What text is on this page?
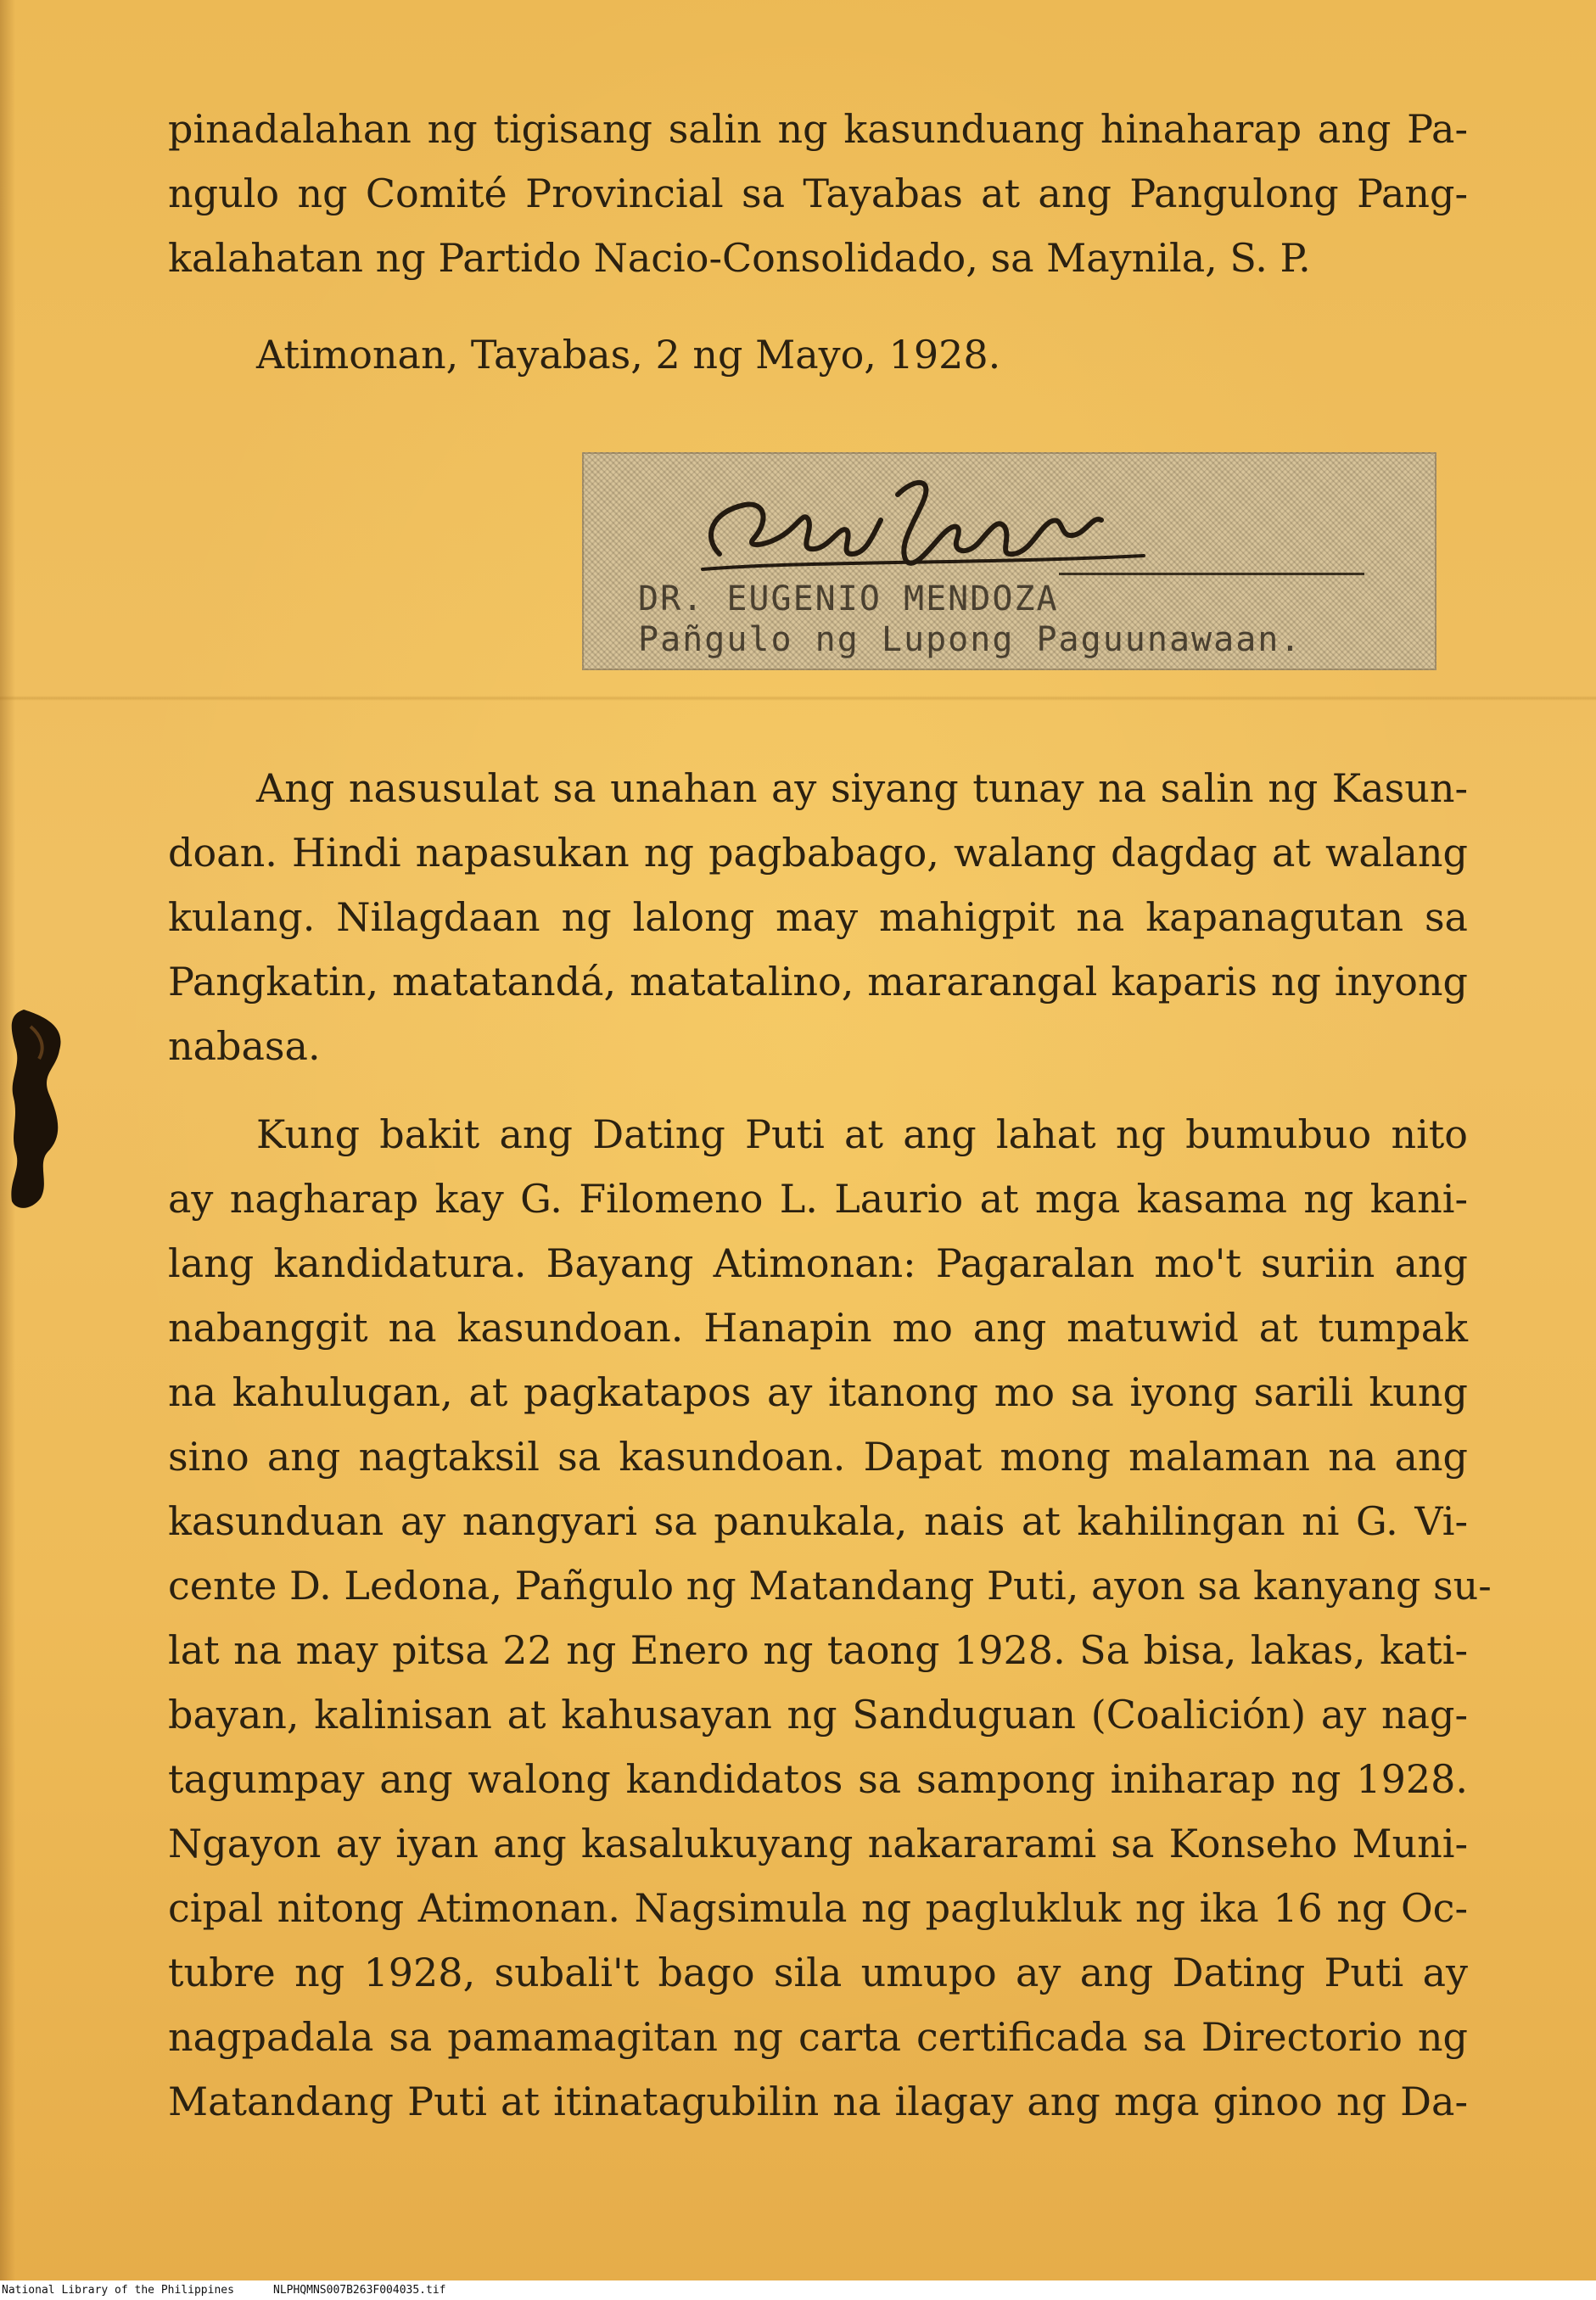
pinadalahan ng tigisang salin ng kasunduang hinaharap ang Pa-

ngulo ng Comité Provincial sa Tayabas at ang Pangulong Pang-

kalahatan ng Partido Nacio-Consolidado, sa Maynila, S. P.

Atimonan, Tayabas, 2 ng Mayo, 1928.

DR. EUGENIO MENDOZA

Pañgulo ng Lupong Paguunawaan.

Ang nasusulat sa unahan ay siyang tunay na salin ng Kasun-

doan. Hindi napasukan ng pagbabago, walang dagdag at walang

kulang. Nilagdaan ng lalong may mahigpit na kapanagutan sa

Pangkatin, matatandá, matatalino, mararangal kaparis ng inyong

nabasa.

Kung bakit ang Dating Puti at ang lahat ng bumubuo nito

ay nagharap kay G. Filomeno L. Laurio at mga kasama ng kani-

lang kandidatura. Bayang Atimonan: Pagaralan mo't suriin ang

nabanggit na kasundoan. Hanapin mo ang matuwid at tumpak

na kahulugan, at pagkatapos ay itanong mo sa iyong sarili kung

sino ang nagtaksil sa kasundoan. Dapat mong malaman na ang

kasunduan ay nangyari sa panukala, nais at kahilingan ni G. Vi-

cente D. Ledona, Pañgulo ng Matandang Puti, ayon sa kanyang su-

lat na may pitsa 22 ng Enero ng taong 1928. Sa bisa, lakas, kati-

bayan, kalinisan at kahusayan ng Sanduguan (Coalición) ay nag-

tagumpay ang walong kandidatos sa sampong iniharap ng 1928.

Ngayon ay iyan ang kasalukuyang nakararami sa Konseho Muni-

cipal nitong Atimonan. Nagsimula ng paglukluk ng ika 16 ng Oc-

tubre ng 1928, subali't bago sila umupo ay ang Dating Puti ay

nagpadala sa pamamagitan ng carta certificada sa Directorio ng

Matandang Puti at itinatagubilin na ilagay ang mga ginoo ng Da-

National Library of the Philippines	NLPHQMNS007B263F004035.tif
